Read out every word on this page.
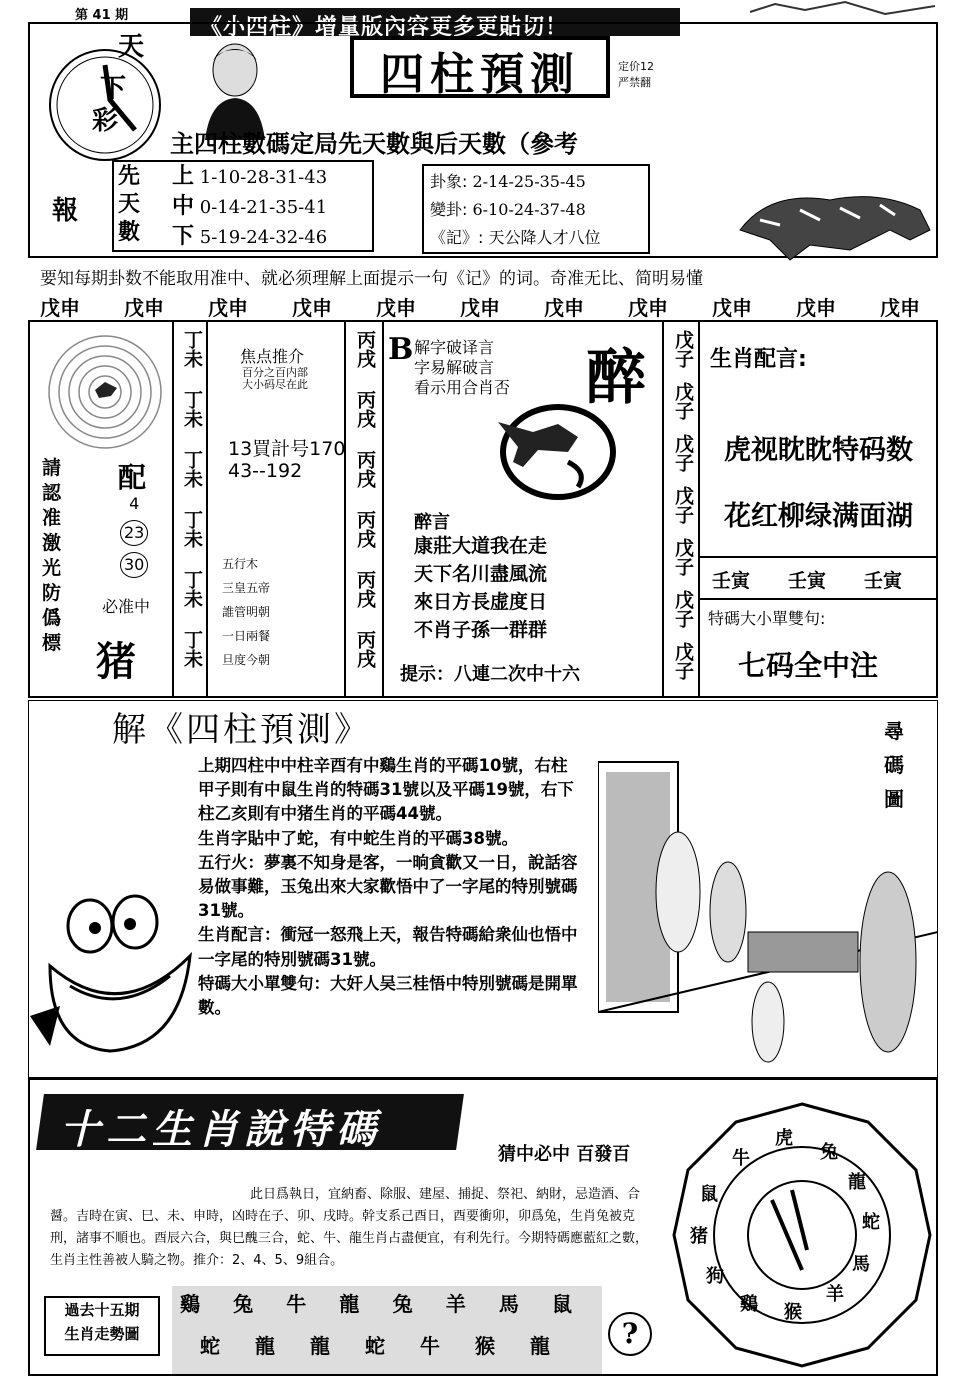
第 41 期	《小四柱》增量版內容更多更貼切！
天
下
彩
報
四柱預測	定价12
严禁翻
主四柱數碼定局先天數與后天數（參考
先
天
數
上 1-10-28-31-43
中 0-14-21-35-41
下 5-19-24-32-46
卦象: 2-14-25-35-45
變卦: 6-10-24-37-48
《記》: 天公降人才八位
要知每期卦数不能取用准中、就必须理解上面提示一句《记》的词。奇准无比、简明易懂
戊申 戊申 戊申 戊申 戊申 戊申 戊申 戊申 戊申 戊申 戊申
請
認
准
激
光
防
僞
標
配
4
23
30
必准中
猪
丁未
丁未
丁未
丁未
丁未
丁未
焦点推介
百分之百内部
大小码尽在此
13買計号170
43--192
五行木
三皇五帝
誰管明朝
一日兩餐
旦度今朝
丙戌
丙戌
丙戌
丙戌
丙戌
丙戌
B 解字破译言
字易解破言
看示用合肖否 醉
醉言
康莊大道我在走
天下名川盡風流
來日方長虚度日
不肖子孫一群群
提示：八連二次中十六
戊子
戊子
戊子
戊子
戊子
戊子
戊子
生肖配言:
虎视眈眈特码数
花红柳绿满面湖
壬寅 壬寅 壬寅
特碼大小單雙句:
七码全中注
解《四柱預測》
上期四柱中中柱辛酉有中鷄生肖的平碼10號，右柱甲子則有中鼠生肖的特碼31號以及平碼19號，右下柱乙亥則有中猪生肖的平碼44號。
生肖字貼中了蛇，有中蛇生肖的平碼38號。
五行火：夢裏不知身是客，一晌貪歡又一日，說話容易做事難，玉兔出來大家歡悟中了一字尾的特別號碼31號。
生肖配言：衝冠一怒飛上天，報告特碼給衆仙也悟中一字尾的特別號碼31號。
特碼大小單雙句：大奸人吴三桂悟中特別號碼是開單數。
尋
碼
圖
十二生肖說特碼
猜中必中 百發百
此日爲執日，宜納畜、除服、建屋、捕捉、祭祀、納財，忌造酒、合醤。吉時在寅、巳、未、申時，凶時在子、卯、戌時。幹支系己酉日，酉要衝卯，卯爲兔，生肖兔被克刑，諸事不順也。酉辰六合，與巳醜三合，蛇、牛、龍生肖占盡便宜，有利先行。今期特碼應藍紅之數，生肖主性善被人騎之物。推介：2、4、5、9組合。
過去十五期
生肖走勢圖
鷄 兔 牛 龍 兔 羊 馬 鼠
蛇 龍 龍 蛇 牛 猴 龍	?
虎
兔
龍
蛇
馬
羊
猴
鷄
狗
猪
鼠
牛
